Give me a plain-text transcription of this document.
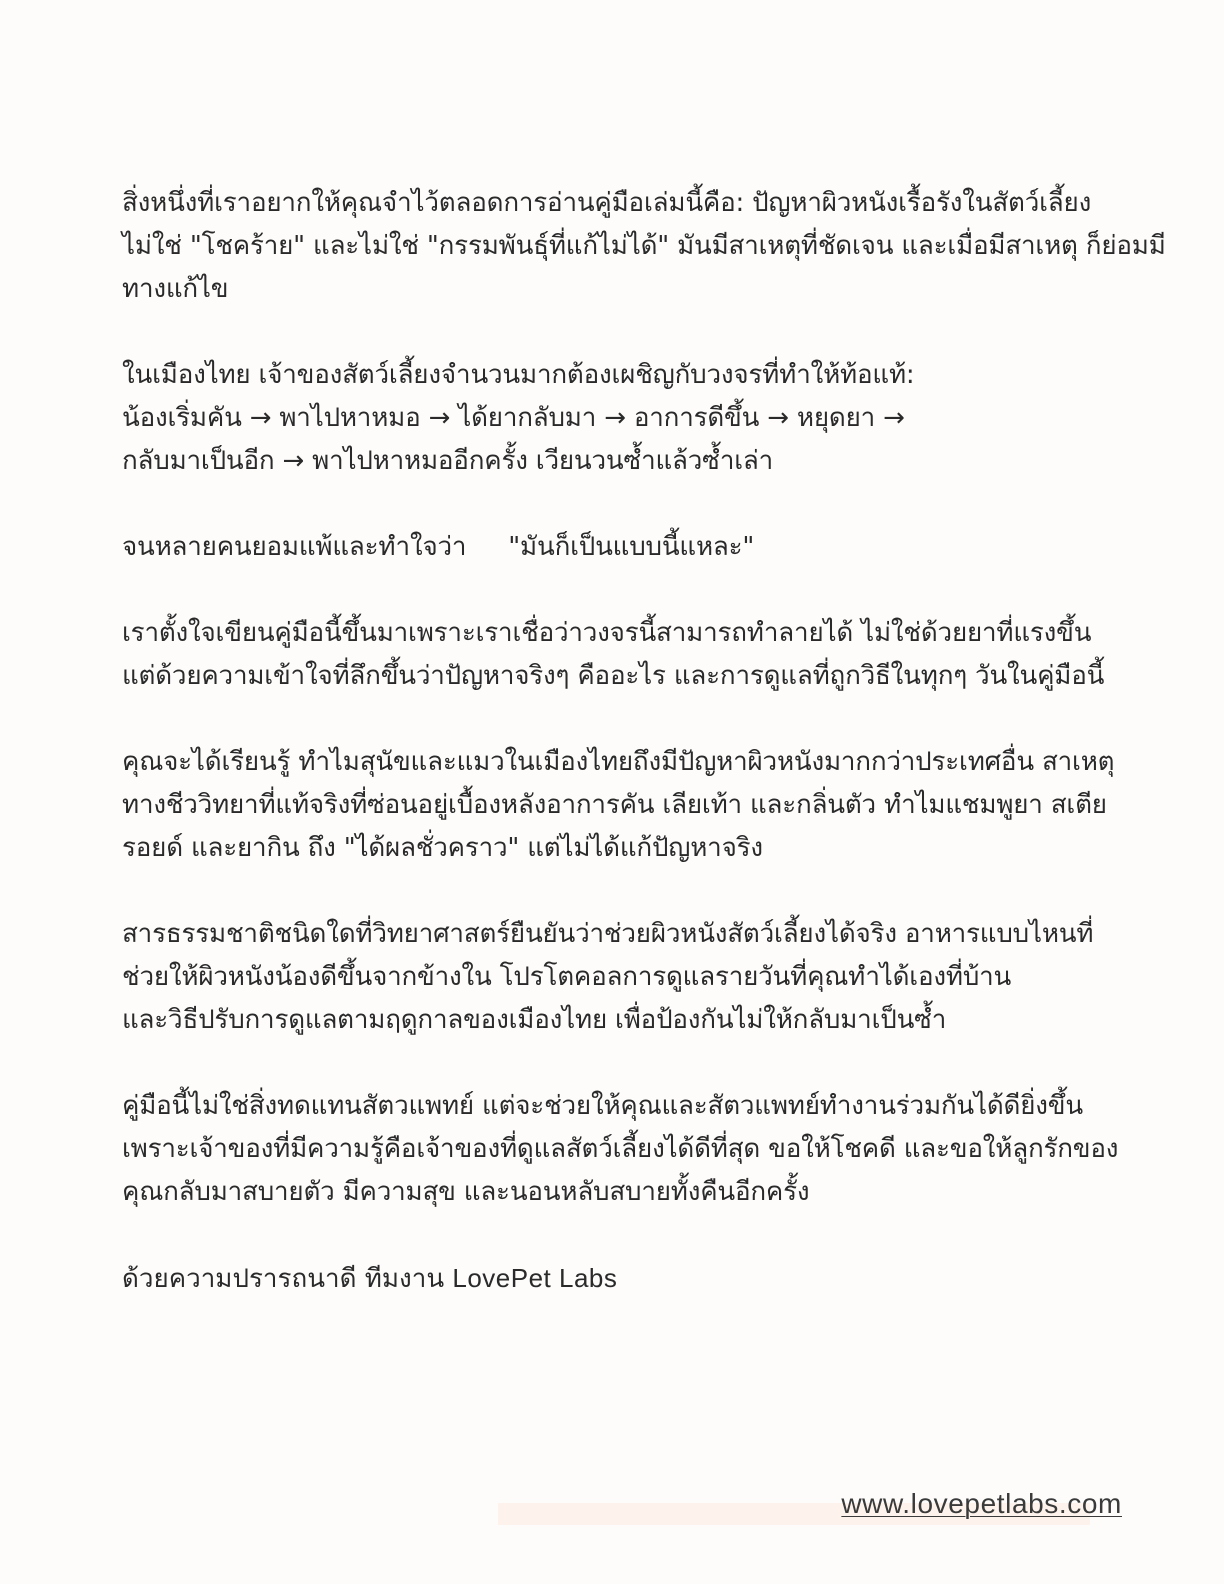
สิ่งหนึ่งที่เราอยากให้คุณจำไว้ตลอดการอ่านคู่มือเล่มนี้คือ: ปัญหาผิวหนังเรื้อรังในสัตว์เลี้ยง
ไม่ใช่ "โชคร้าย" และไม่ใช่ "กรรมพันธุ์ที่แก้ไม่ได้" มันมีสาเหตุที่ชัดเจน และเมื่อมีสาเหตุ ก็ย่อมมี
ทางแก้ไข

ในเมืองไทย เจ้าของสัตว์เลี้ยงจำนวนมากต้องเผชิญกับวงจรที่ทำให้ท้อแท้:
น้องเริ่มคัน → พาไปหาหมอ → ได้ยากลับมา → อาการดีขึ้น → หยุดยา →
กลับมาเป็นอีก → พาไปหาหมออีกครั้ง เวียนวนซ้ำแล้วซ้ำเล่า

จนหลายคนยอมแพ้และทำใจว่า "มันก็เป็นแบบนี้แหละ"

เราตั้งใจเขียนคู่มือนี้ขึ้นมาเพราะเราเชื่อว่าวงจรนี้สามารถทำลายได้ ไม่ใช่ด้วยยาที่แรงขึ้น
แต่ด้วยความเข้าใจที่ลึกขึ้นว่าปัญหาจริงๆ คืออะไร และการดูแลที่ถูกวิธีในทุกๆ วันในคู่มือนี้

คุณจะได้เรียนรู้ ทำไมสุนัขและแมวในเมืองไทยถึงมีปัญหาผิวหนังมากกว่าประเทศอื่น สาเหตุ
ทางชีววิทยาที่แท้จริงที่ซ่อนอยู่เบื้องหลังอาการคัน เลียเท้า และกลิ่นตัว ทำไมแชมพูยา สเตีย
รอยด์ และยากิน ถึง "ได้ผลชั่วคราว" แต่ไม่ได้แก้ปัญหาจริง

สารธรรมชาติชนิดใดที่วิทยาศาสตร์ยืนยันว่าช่วยผิวหนังสัตว์เลี้ยงได้จริง อาหารแบบไหนที่
ช่วยให้ผิวหนังน้องดีขึ้นจากข้างใน โปรโตคอลการดูแลรายวันที่คุณทำได้เองที่บ้าน
และวิธีปรับการดูแลตามฤดูกาลของเมืองไทย เพื่อป้องกันไม่ให้กลับมาเป็นซ้ำ

คู่มือนี้ไม่ใช่สิ่งทดแทนสัตวแพทย์ แต่จะช่วยให้คุณและสัตวแพทย์ทำงานร่วมกันได้ดียิ่งขึ้น
เพราะเจ้าของที่มีความรู้คือเจ้าของที่ดูแลสัตว์เลี้ยงได้ดีที่สุด ขอให้โชคดี และขอให้ลูกรักของ
คุณกลับมาสบายตัว มีความสุข และนอนหลับสบายทั้งคืนอีกครั้ง

ด้วยความปรารถนาดี ทีมงาน LovePet Labs

www.lovepetlabs.com
